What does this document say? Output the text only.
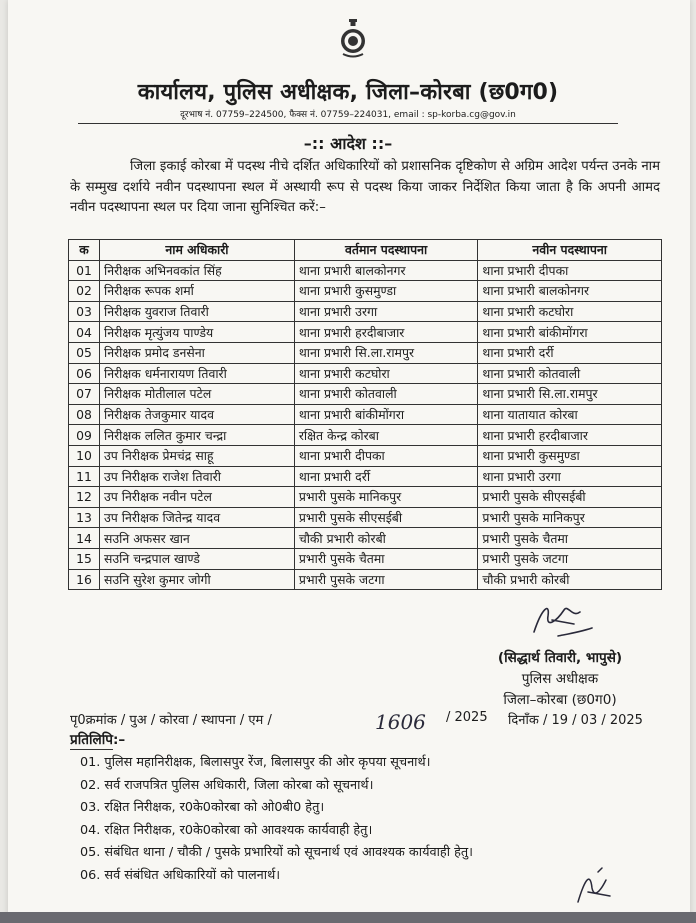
कार्यालय, पुलिस अधीक्षक, जिला–कोरबा (छ0ग0)
दूरभाष नं. 07759–224500, फैक्स नं. 07759–224031, email : sp-korba.cg@gov.in
–:: आदेश ::–
जिला इकाई कोरबा में पदस्थ नीचे दर्शित अधिकारियों को प्रशासनिक दृष्टिकोण से अग्रिम आदेश पर्यन्त उनके नाम के सम्मुख दर्शाये नवीन पदस्थापना स्थल में अस्थायी रूप से पदस्थ किया जाकर निर्देशित किया जाता है कि अपनी आमद नवीन पदस्थापना स्थल पर दिया जाना सुनिश्चित करें:–
क	नाम अधिकारी	वर्तमान पदस्थापना	नवीन पदस्थापना
01	निरीक्षक अभिनवकांत सिंह	थाना प्रभारी बालकोनगर	थाना प्रभारी दीपका
02	निरीक्षक रूपक शर्मा	थाना प्रभारी कुसमुण्डा	थाना प्रभारी बालकोनगर
03	निरीक्षक युवराज तिवारी	थाना प्रभारी उरगा	थाना प्रभारी कटघोरा
04	निरीक्षक मृत्युंजय पाण्डेय	थाना प्रभारी हरदीबाजार	थाना प्रभारी बांकीमोंगरा
05	निरीक्षक प्रमोद डनसेना	थाना प्रभारी सि.ला.रामपुर	थाना प्रभारी दर्री
06	निरीक्षक धर्मनारायण तिवारी	थाना प्रभारी कटघोरा	थाना प्रभारी कोतवाली
07	निरीक्षक मोतीलाल पटेल	थाना प्रभारी कोतवाली	थाना प्रभारी सि.ला.रामपुर
08	निरीक्षक तेजकुमार यादव	थाना प्रभारी बांकीमोंगरा	थाना यातायात कोरबा
09	निरीक्षक ललित कुमार चन्द्रा	रक्षित केन्द्र कोरबा	थाना प्रभारी हरदीबाजार
10	उप निरीक्षक प्रेमचंद्र साहू	थाना प्रभारी दीपका	थाना प्रभारी कुसमुण्डा
11	उप निरीक्षक राजेश तिवारी	थाना प्रभारी दर्री	थाना प्रभारी उरगा
12	उप निरीक्षक नवीन पटेल	प्रभारी पुसके मानिकपुर	प्रभारी पुसके सीएसईबी
13	उप निरीक्षक जितेन्द्र यादव	प्रभारी पुसके सीएसईबी	प्रभारी पुसके मानिकपुर
14	सउनि अफसर खान	चौकी प्रभारी कोरबी	प्रभारी पुसके चैतमा
15	सउनि चन्द्रपाल खाण्डे	प्रभारी पुसके चैतमा	प्रभारी पुसके जटगा
16	सउनि सुरेश कुमार जोगी	प्रभारी पुसके जटगा	चौकी प्रभारी कोरबी
(सिद्धार्थ तिवारी, भापुसे)
पुलिस अधीक्षक
जिला–कोरबा (छ0ग0)
पृ0क्रमांक / पुअ / कोरवा / स्थापना / एम /	1606 / 2025 दिनाँक / 19 / 03 / 2025
प्रतिलिपि:–
01. पुलिस महानिरीक्षक, बिलासपुर रेंज, बिलासपुर की ओर कृपया सूचनार्थ।
02. सर्व राजपत्रित पुलिस अधिकारी, जिला कोरबा को सूचनार्थ।
03. रक्षित निरीक्षक, र0के0कोरबा को ओ0बी0 हेतु।
04. रक्षित निरीक्षक, र0के0कोरबा को आवश्यक कार्यवाही हेतु।
05. संबंधित थाना / चौकी / पुसके प्रभारियों को सूचनार्थ एवं आवश्यक कार्यवाही हेतु।
06. सर्व संबंधित अधिकारियों को पालनार्थ।
